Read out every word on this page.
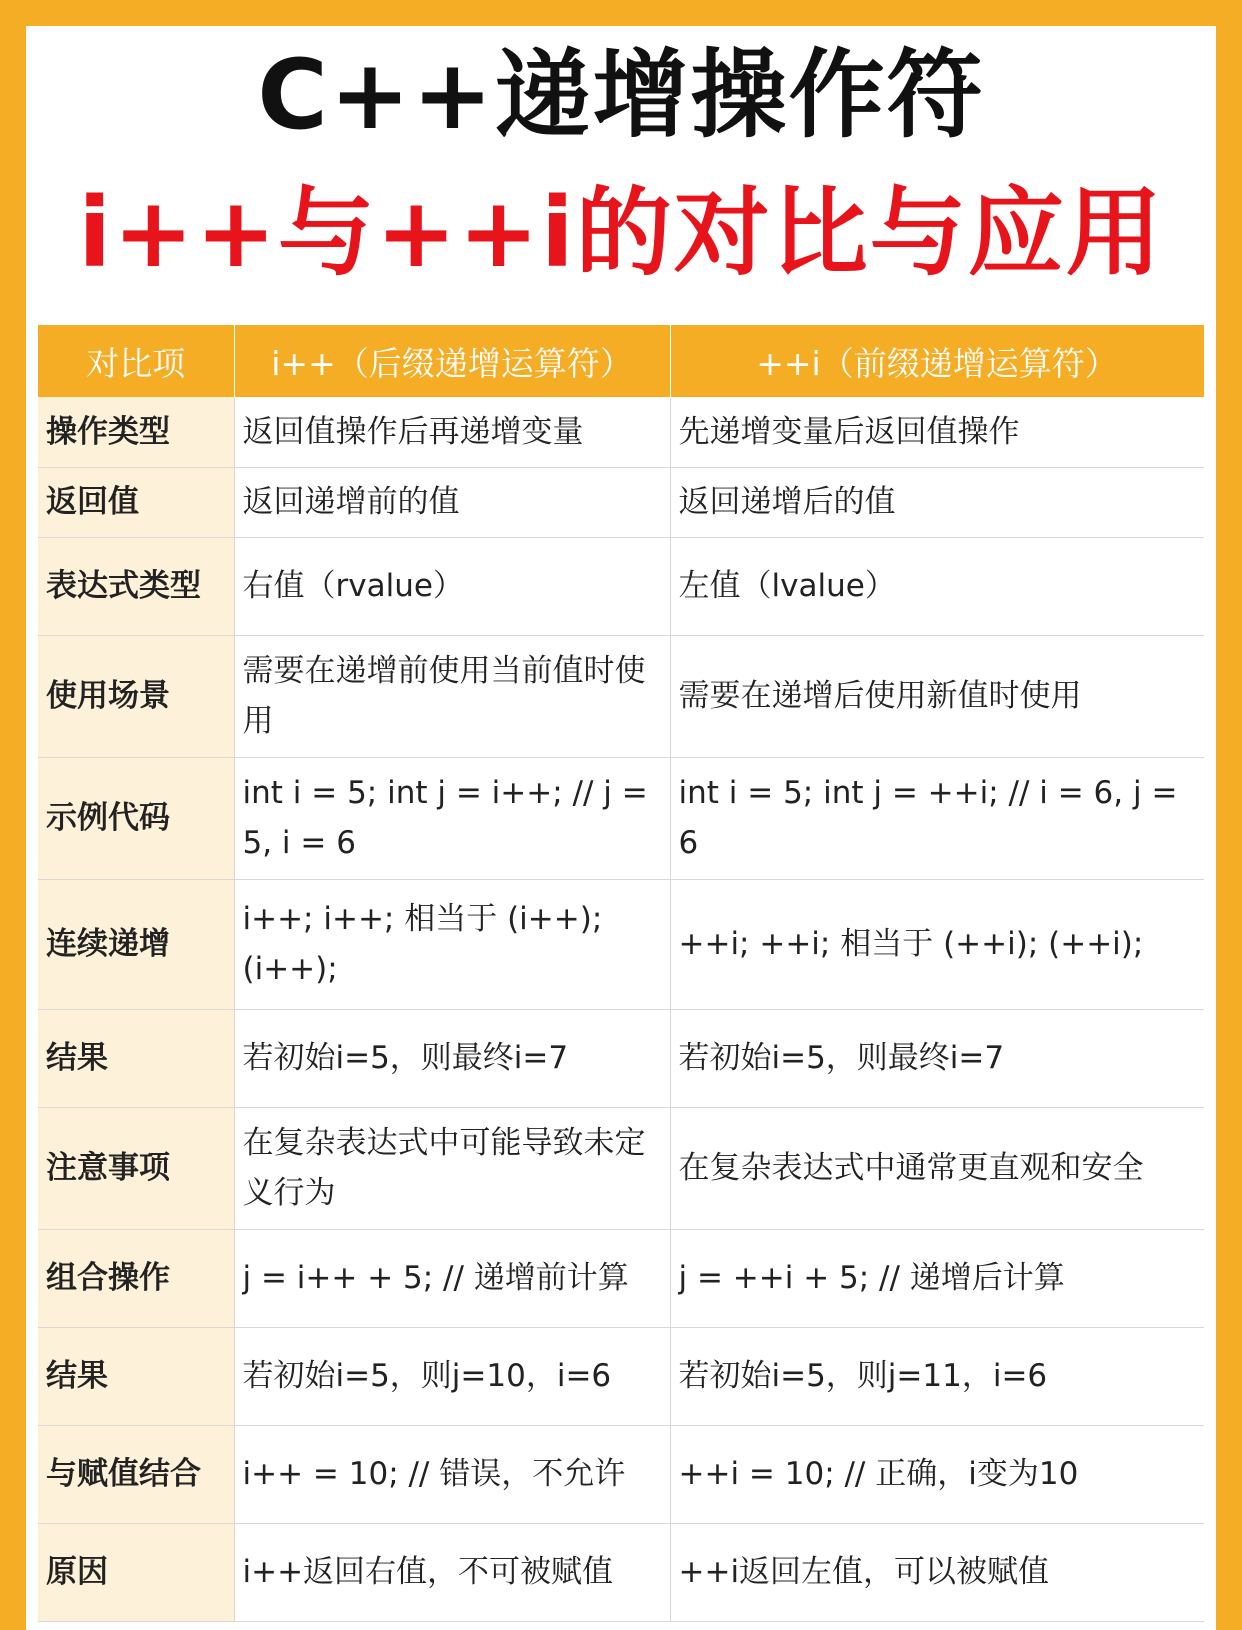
C++递增操作符
i++与++i的对比与应用
对比项	i++（后缀递增运算符）	++i（前缀递增运算符）
操作类型	返回值操作后再递增变量	先递增变量后返回值操作
返回值	返回递增前的值	返回递增后的值
表达式类型	右值（rvalue）	左值（lvalue）
使用场景	需要在递增前使用当前值时使用	需要在递增后使用新值时使用
示例代码	int i = 5; int j = i++; // j = 5, i = 6	int i = 5; int j = ++i; // i = 6, j = 6
连续递增	i++; i++; 相当于 (i++); (i++);	++i; ++i; 相当于 (++i); (++i);
结果	若初始i=5，则最终i=7	若初始i=5，则最终i=7
注意事项	在复杂表达式中可能导致未定义行为	在复杂表达式中通常更直观和安全
组合操作	j = i++ + 5; // 递增前计算	j = ++i + 5; // 递增后计算
结果	若初始i=5，则j=10，i=6	若初始i=5，则j=11，i=6
与赋值结合	i++ = 10; // 错误，不允许	++i = 10; // 正确，i变为10
原因	i++返回右值，不可被赋值	++i返回左值，可以被赋值
